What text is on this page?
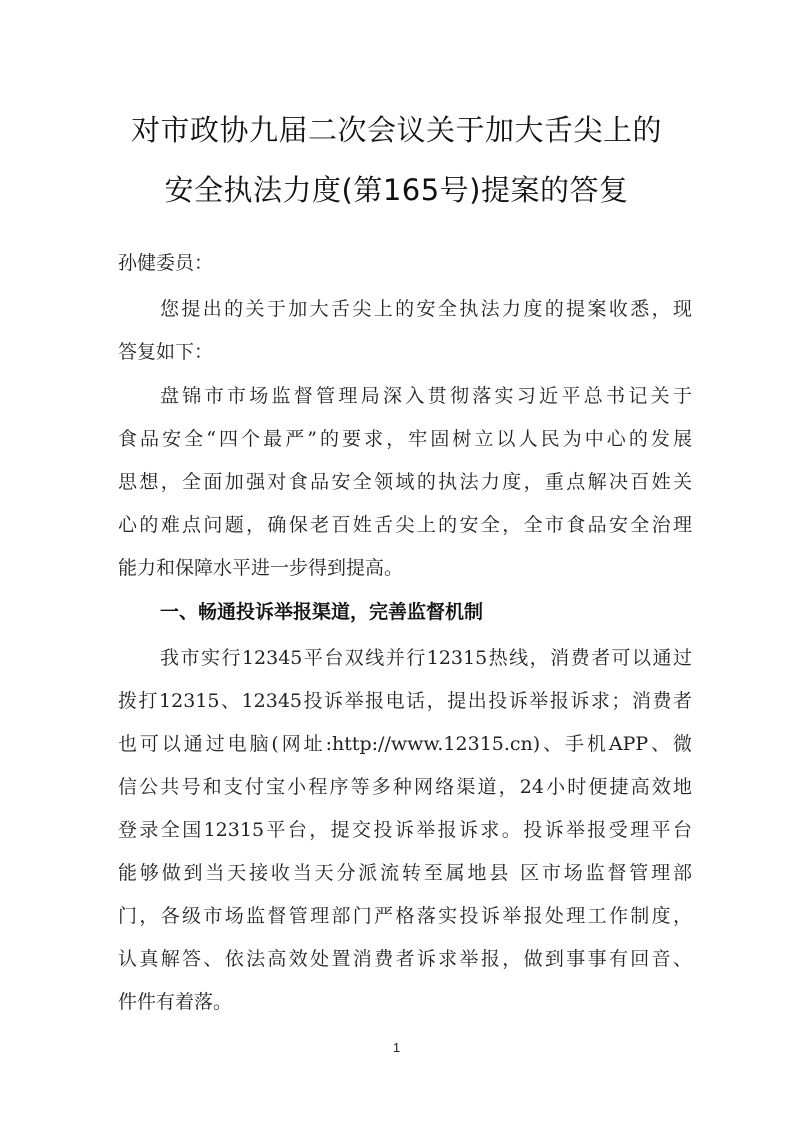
对市政协九届二次会议关于加大舌尖上的
安全执法力度(第165号)提案的答复
孙健委员：
您提出的关于加大舌尖上的安全执法力度的提案收悉，现
答复如下：
盘锦市市场监督管理局深入贯彻落实习近平总书记关于
食品安全“四个最严”的要求，牢固树立以人民为中心的发展
思想，全面加强对食品安全领域的执法力度，重点解决百姓关
心的难点问题，确保老百姓舌尖上的安全，全市食品安全治理
能力和保障水平进一步得到提高。
一、畅通投诉举报渠道，完善监督机制
我市实行12345平台双线并行12315热线，消费者可以通过
拨打12315、12345投诉举报电话，提出投诉举报诉求；消费者
也可以通过电脑(网址:http://www.12315.cn)、手机APP、微
信公共号和支付宝小程序等多种网络渠道，24小时便捷高效地
登录全国12315平台，提交投诉举报诉求。投诉举报受理平台
能够做到当天接收当天分派流转至属地县 区市场监督管理部
门，各级市场监督管理部门严格落实投诉举报处理工作制度，
认真解答、依法高效处置消费者诉求举报，做到事事有回音、
件件有着落。
1
